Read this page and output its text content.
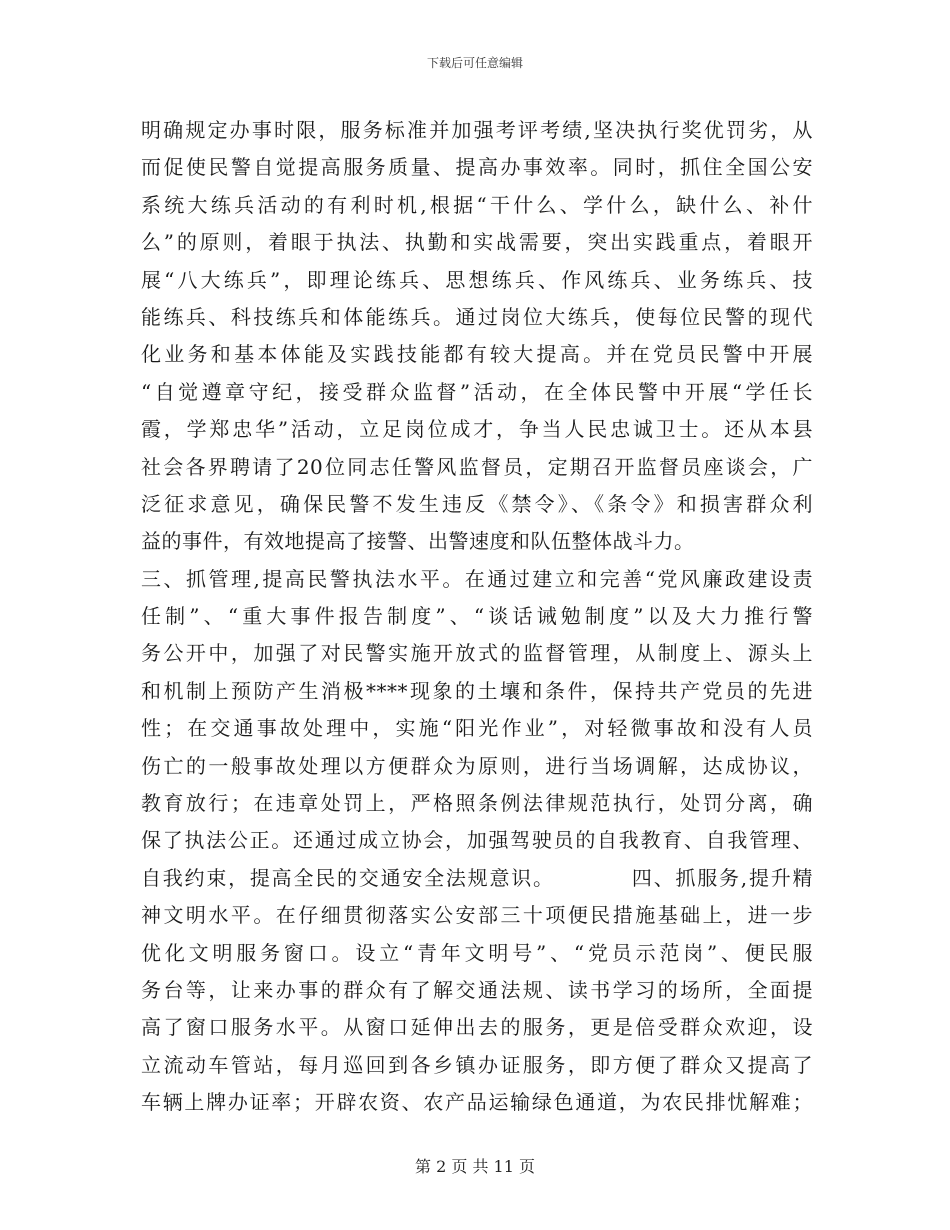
下载后可任意编辑
明确规定办事时限，服务标准并加强考评考绩,坚决执行奖优罚劣，从
而促使民警自觉提高服务质量、提高办事效率。同时，抓住全国公安
系统大练兵活动的有利时机,根据“干什么、学什么，缺什么、补什
么”的原则，着眼于执法、执勤和实战需要，突出实践重点，着眼开
展“八大练兵”，即理论练兵、思想练兵、作风练兵、业务练兵、技
能练兵、科技练兵和体能练兵。通过岗位大练兵，使每位民警的现代
化业务和基本体能及实践技能都有较大提高。并在党员民警中开展
“自觉遵章守纪，接受群众监督”活动，在全体民警中开展“学任长
霞，学郑忠华”活动，立足岗位成才，争当人民忠诚卫士。还从本县
社会各界聘请了20位同志任警风监督员，定期召开监督员座谈会，广
泛征求意见，确保民警不发生违反《禁令》、《条令》和损害群众利
益的事件，有效地提高了接警、出警速度和队伍整体战斗力。
三、抓管理,提高民警执法水平。在通过建立和完善“党风廉政建设责
任制”、“重大事件报告制度”、“谈话诫勉制度”以及大力推行警
务公开中，加强了对民警实施开放式的监督管理，从制度上、源头上
和机制上预防产生消极****现象的土壤和条件，保持共产党员的先进
性；在交通事故处理中，实施“阳光作业”，对轻微事故和没有人员
伤亡的一般事故处理以方便群众为原则，进行当场调解，达成协议，
教育放行；在违章处罚上，严格照条例法律规范执行，处罚分离，确
保了执法公正。还通过成立协会，加强驾驶员的自我教育、自我管理、
自我约束，提高全民的交通安全法规意识。　　　　四、抓服务,提升精
神文明水平。在仔细贯彻落实公安部三十项便民措施基础上，进一步
优化文明服务窗口。设立“青年文明号”、“党员示范岗”、便民服
务台等，让来办事的群众有了解交通法规、读书学习的场所，全面提
高了窗口服务水平。从窗口延伸出去的服务，更是倍受群众欢迎，设
立流动车管站，每月巡回到各乡镇办证服务，即方便了群众又提高了
车辆上牌办证率；开辟农资、农产品运输绿色通道，为农民排忧解难；
第 2 页 共 11 页
